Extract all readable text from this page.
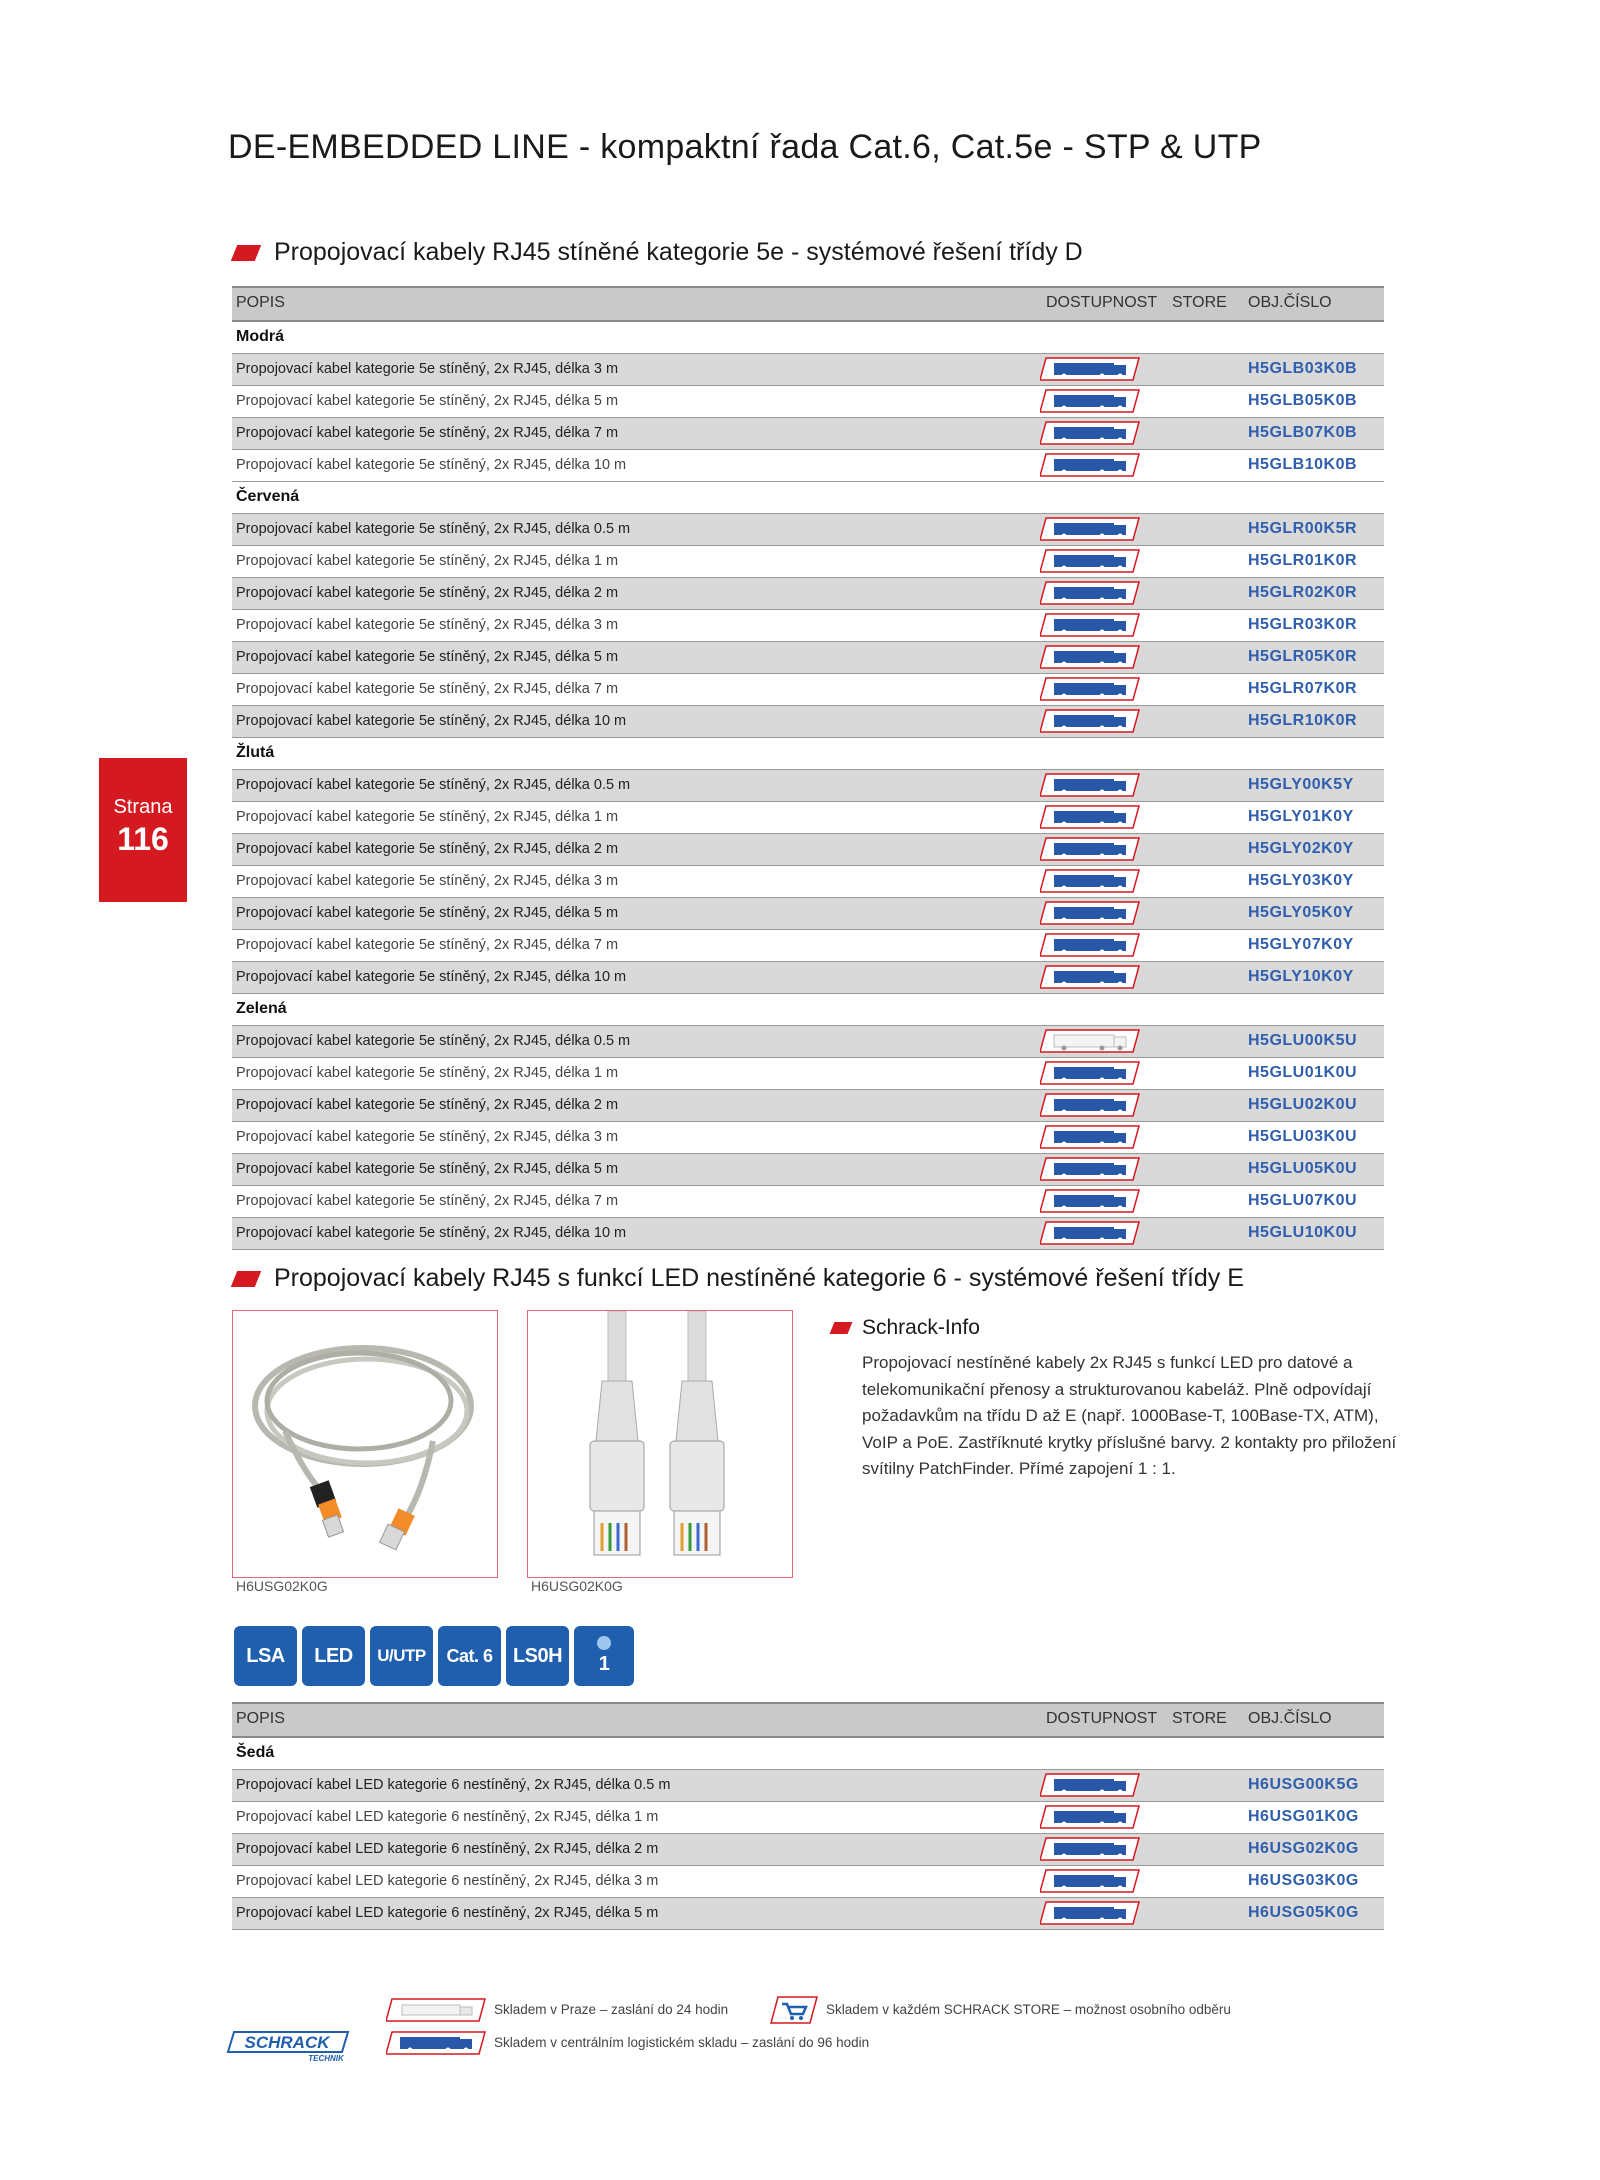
DE-EMBEDDED LINE - kompaktní řada Cat.6, Cat.5e - STP & UTP
Strana
116
Propojovací kabely RJ45 stíněné kategorie 5e - systémové řešení třídy D
POPIS	DOSTUPNOST STORE OBJ.ČÍSLO
Modrá
Propojovací kabel kategorie 5e stíněný, 2x RJ45, délka 3 m	H5GLB03K0B
Propojovací kabel kategorie 5e stíněný, 2x RJ45, délka 5 m	H5GLB05K0B
Propojovací kabel kategorie 5e stíněný, 2x RJ45, délka 7 m	H5GLB07K0B
Propojovací kabel kategorie 5e stíněný, 2x RJ45, délka 10 m	H5GLB10K0B
Červená
Propojovací kabel kategorie 5e stíněný, 2x RJ45, délka 0.5 m	H5GLR00K5R
Propojovací kabel kategorie 5e stíněný, 2x RJ45, délka 1 m	H5GLR01K0R
Propojovací kabel kategorie 5e stíněný, 2x RJ45, délka 2 m	H5GLR02K0R
Propojovací kabel kategorie 5e stíněný, 2x RJ45, délka 3 m	H5GLR03K0R
Propojovací kabel kategorie 5e stíněný, 2x RJ45, délka 5 m	H5GLR05K0R
Propojovací kabel kategorie 5e stíněný, 2x RJ45, délka 7 m	H5GLR07K0R
Propojovací kabel kategorie 5e stíněný, 2x RJ45, délka 10 m	H5GLR10K0R
Žlutá
Propojovací kabel kategorie 5e stíněný, 2x RJ45, délka 0.5 m	H5GLY00K5Y
Propojovací kabel kategorie 5e stíněný, 2x RJ45, délka 1 m	H5GLY01K0Y
Propojovací kabel kategorie 5e stíněný, 2x RJ45, délka 2 m	H5GLY02K0Y
Propojovací kabel kategorie 5e stíněný, 2x RJ45, délka 3 m	H5GLY03K0Y
Propojovací kabel kategorie 5e stíněný, 2x RJ45, délka 5 m	H5GLY05K0Y
Propojovací kabel kategorie 5e stíněný, 2x RJ45, délka 7 m	H5GLY07K0Y
Propojovací kabel kategorie 5e stíněný, 2x RJ45, délka 10 m	H5GLY10K0Y
Zelená
Propojovací kabel kategorie 5e stíněný, 2x RJ45, délka 0.5 m	H5GLU00K5U
Propojovací kabel kategorie 5e stíněný, 2x RJ45, délka 1 m	H5GLU01K0U
Propojovací kabel kategorie 5e stíněný, 2x RJ45, délka 2 m	H5GLU02K0U
Propojovací kabel kategorie 5e stíněný, 2x RJ45, délka 3 m	H5GLU03K0U
Propojovací kabel kategorie 5e stíněný, 2x RJ45, délka 5 m	H5GLU05K0U
Propojovací kabel kategorie 5e stíněný, 2x RJ45, délka 7 m	H5GLU07K0U
Propojovací kabel kategorie 5e stíněný, 2x RJ45, délka 10 m	H5GLU10K0U
Propojovací kabely RJ45 s funkcí LED nestíněné kategorie 6 - systémové řešení třídy E
H6USG02K0G	H6USG02K0G
Schrack-Info
Propojovací nestíněné kabely 2x RJ45 s funkcí LED pro datové a telekomunikační přenosy a strukturovanou kabeláž. Plně odpovídají požadavkům na třídu D až E (např. 1000Base-T, 100Base-TX, ATM), VoIP a PoE. Zastříknuté krytky příslušné barvy. 2 kontakty pro přiložení svítilny PatchFinder. Přímé zapojení 1 : 1.
LSA	LED	U/UTP	Cat. 6	LS0H	1
POPIS	DOSTUPNOST STORE OBJ.ČÍSLO
Šedá
Propojovací kabel LED kategorie 6 nestíněný, 2x RJ45, délka 0.5 m	H6USG00K5G
Propojovací kabel LED kategorie 6 nestíněný, 2x RJ45, délka 1 m	H6USG01K0G
Propojovací kabel LED kategorie 6 nestíněný, 2x RJ45, délka 2 m	H6USG02K0G
Propojovací kabel LED kategorie 6 nestíněný, 2x RJ45, délka 3 m	H6USG03K0G
Propojovací kabel LED kategorie 6 nestíněný, 2x RJ45, délka 5 m	H6USG05K0G
Skladem v Praze – zaslání do 24 hodin	Skladem v každém SCHRACK STORE – možnost osobního odběru
Skladem v centrálním logistickém skladu – zaslání do 96 hodin
SCHRACK
TECHNIK
